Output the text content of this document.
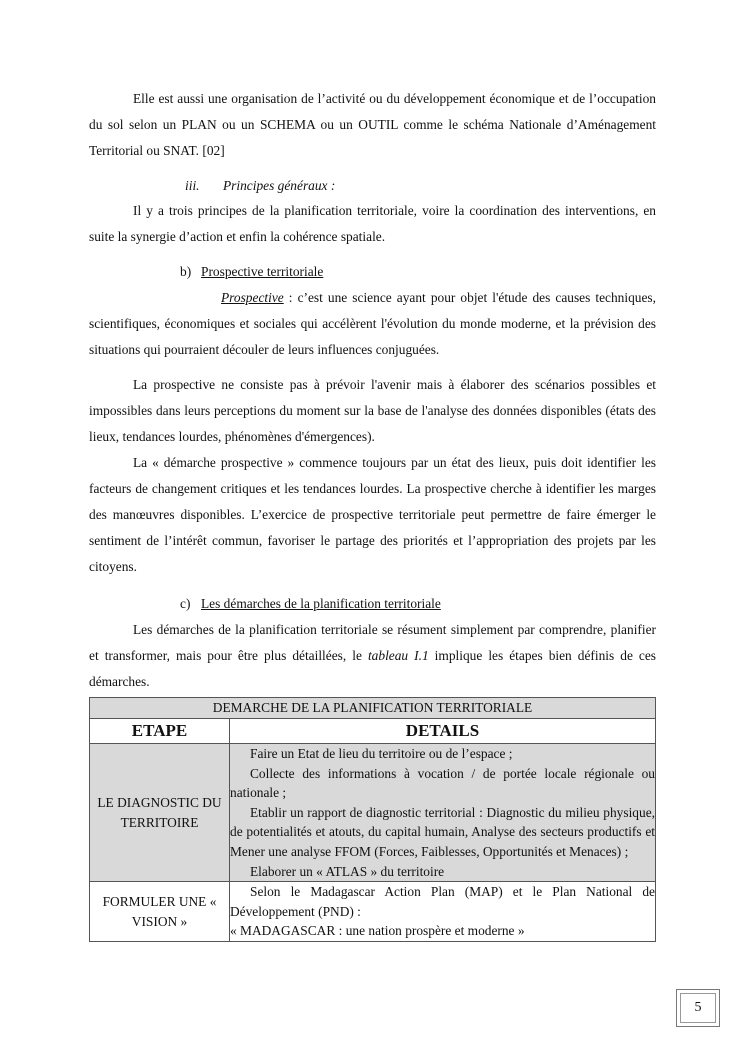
Elle est aussi une organisation de l’activité ou du développement économique et de l’occupation du sol selon un PLAN ou un SCHEMA ou un OUTIL comme le schéma Nationale d’Aménagement Territorial ou SNAT. [02]

iii. Principes généraux :

Il y a trois principes de la planification territoriale, voire la coordination des interventions, en suite la synergie d’action et enfin la cohérence spatiale.

b) Prospective territoriale

Prospective : c’est une science ayant pour objet l'étude des causes techniques, scientifiques, économiques et sociales qui accélèrent l'évolution du monde moderne, et la prévision des situations qui pourraient découler de leurs influences conjuguées.

La prospective ne consiste pas à prévoir l'avenir mais à élaborer des scénarios possibles et impossibles dans leurs perceptions du moment sur la base de l'analyse des données disponibles (états des lieux, tendances lourdes, phénomènes d'émergences).

La « démarche prospective » commence toujours par un état des lieux, puis doit identifier les facteurs de changement critiques et les tendances lourdes. La prospective cherche à identifier les marges des manœuvres disponibles. L’exercice de prospective territoriale peut permettre de faire émerger le sentiment de l’intérêt commun, favoriser le partage des priorités et l’appropriation des projets par les citoyens.

c) Les démarches de la planification territoriale

Les démarches de la planification territoriale se résument simplement par comprendre, planifier et transformer, mais pour être plus détaillées, le tableau I.1 implique les étapes bien définis de ces démarches.

DEMARCHE DE LA PLANIFICATION TERRITORIALE	
ETAPE	DETAILS
LE DIAGNOSTIC DU TERRITOIRE	Faire un Etat de lieu du territoire ou de l’espace ;
Collecte des informations à vocation / de portée locale régionale ou nationale ;
Etablir un rapport de diagnostic territorial : Diagnostic du milieu physique, de potentialités et atouts, du capital humain, Analyse des secteurs productifs et Mener une analyse FFOM (Forces, Faiblesses, Opportunités et Menaces) ;
Elaborer un « ATLAS » du territoire

FORMULER UNE « VISION »	Selon le Madagascar Action Plan (MAP) et le Plan National de Développement (PND) :
« MADAGASCAR : une nation prospère et moderne »
5
